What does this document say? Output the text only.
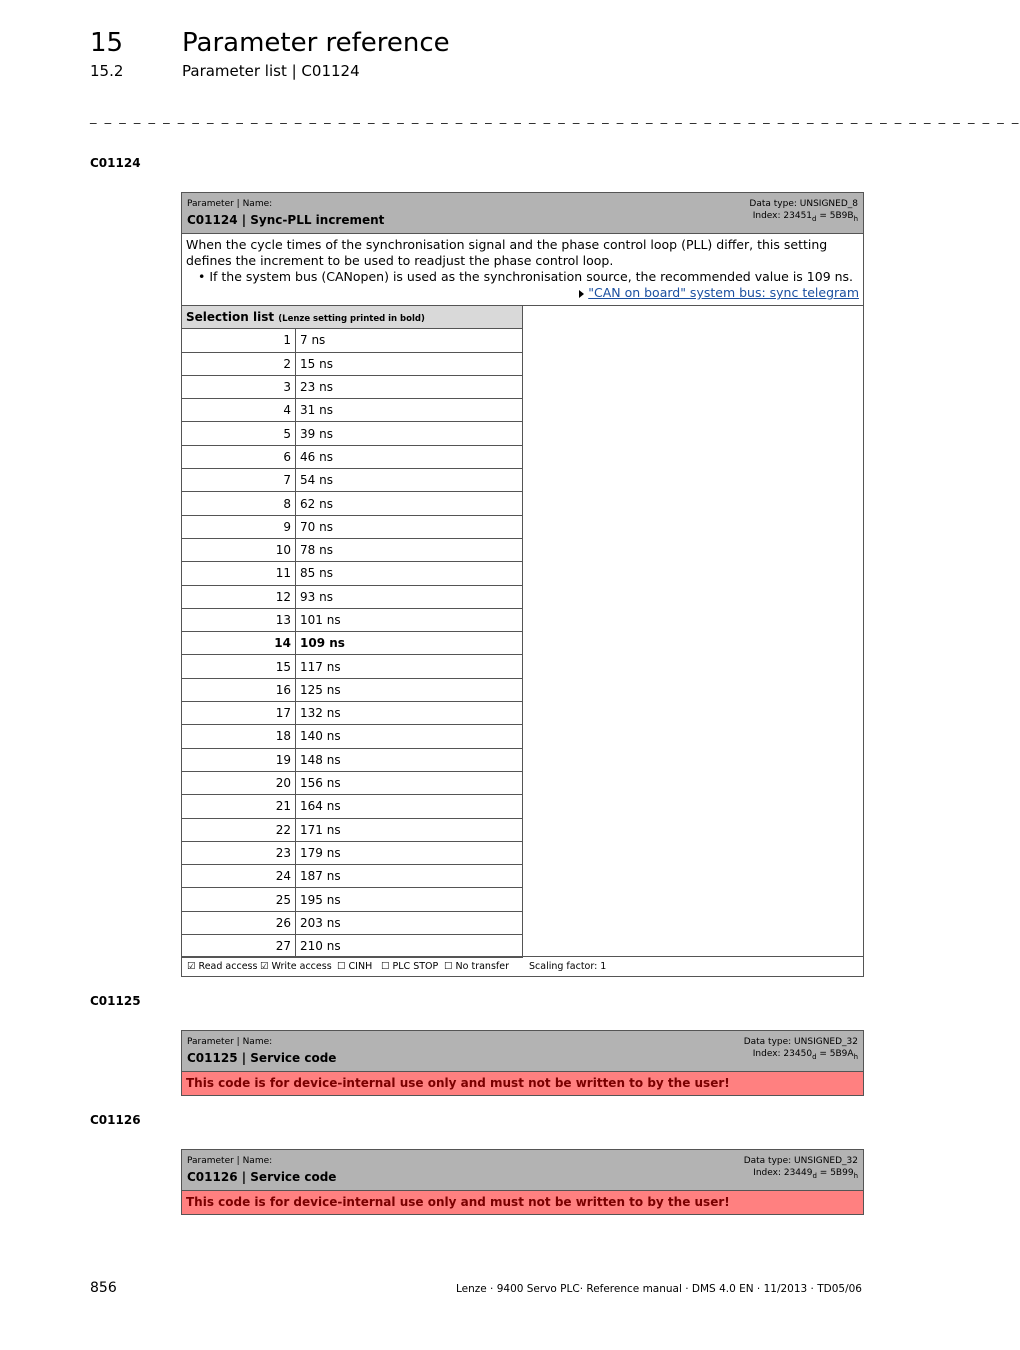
15 Parameter reference
15.2	Parameter list | C01124
_ _ _ _ _ _ _ _ _ _ _ _ _ _ _ _ _ _ _ _ _ _ _ _ _ _ _ _ _ _ _ _ _ _ _ _ _ _ _ _ _ _ _ _ _ _ _ _ _ _ _ _ _ _ _ _ _ _ _ _ _ _ _ _
C01124
Parameter | Name:
C01124 | Sync-PLL increment
Data type: UNSIGNED_8
Index: $23451_d = 5B9B_h$
When the cycle times of the synchronisation signal and the phase control loop (PLL) differ, this setting defines the increment to be used to readjust the phase control loop.
• If the system bus (CANopen) is used as the synchronisation source, the recommended value is 109 ns.
"CAN on board" system bus: sync telegram
Selection list (Lenze setting printed in bold)	
1	7 ns
2	15 ns
3	23 ns
4	31 ns
5	39 ns
6	46 ns
7	54 ns
8	62 ns
9	70 ns
10	78 ns
11	85 ns
12	93 ns
13	101 ns
14	109 ns
15	117 ns
16	125 ns
17	132 ns
18	140 ns
19	148 ns
20	156 ns
21	164 ns
22	171 ns
23	179 ns
24	187 ns
25	195 ns
26	203 ns
27	210 ns
☑ Read access ☑ Write access ☐ CINH ☐ PLC STOP ☐ No transfer Scaling factor: 1
C01125
Parameter | Name:
C01125 | Service code
Data type: UNSIGNED_32
Index: $23450_d = 5B9A_h$
This code is for device-internal use only and must not be written to by the user!
C01126
Parameter | Name:
C01126 | Service code
Data type: UNSIGNED_32
Index: $23449_d = 5B99_h$
This code is for device-internal use only and must not be written to by the user!
856	Lenze · 9400 Servo PLC· Reference manual · DMS 4.0 EN · 11/2013 · TD05/06
